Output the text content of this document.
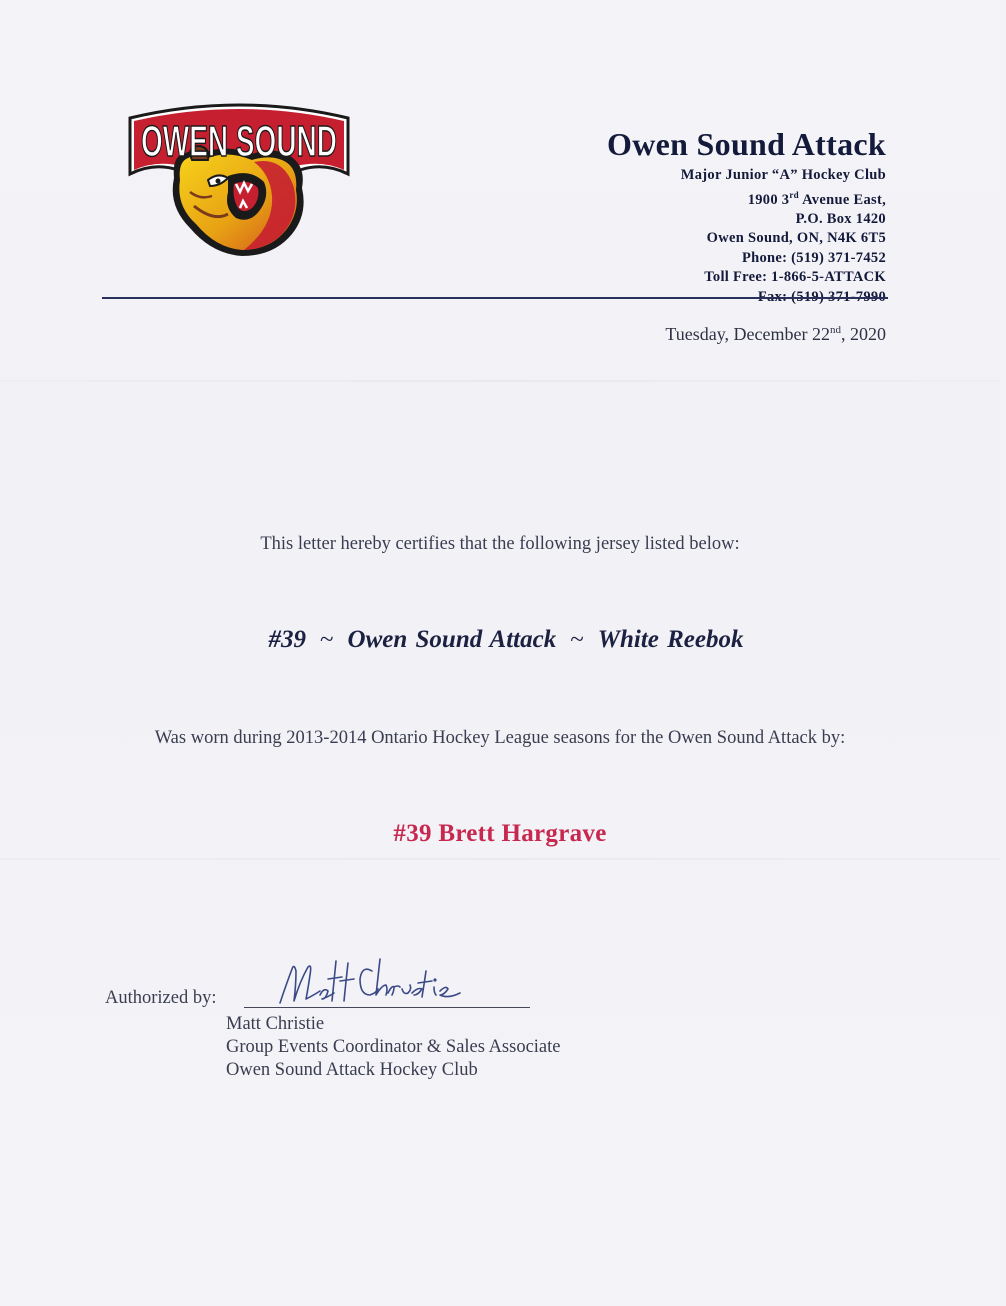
OWEN SOUND	Owen Sound Attack
Major Junior “A” Hockey Club
1900 3rd Avenue East,
P.O. Box 1420
Owen Sound, ON, N4K 6T5
Phone: (519) 371-7452
Toll Free: 1-866-5-ATTACK
Tuesday, December 22nd, 2020
This letter hereby certifies that the following jersey listed below:
#39 ~ Owen Sound Attack ~ White Reebok
Was worn during 2013-2014 Ontario Hockey League seasons for the Owen Sound Attack by:
#39 Brett Hargrave
Authorized by:
Matt Christie
Group Events Coordinator & Sales Associate
Owen Sound Attack Hockey Club
